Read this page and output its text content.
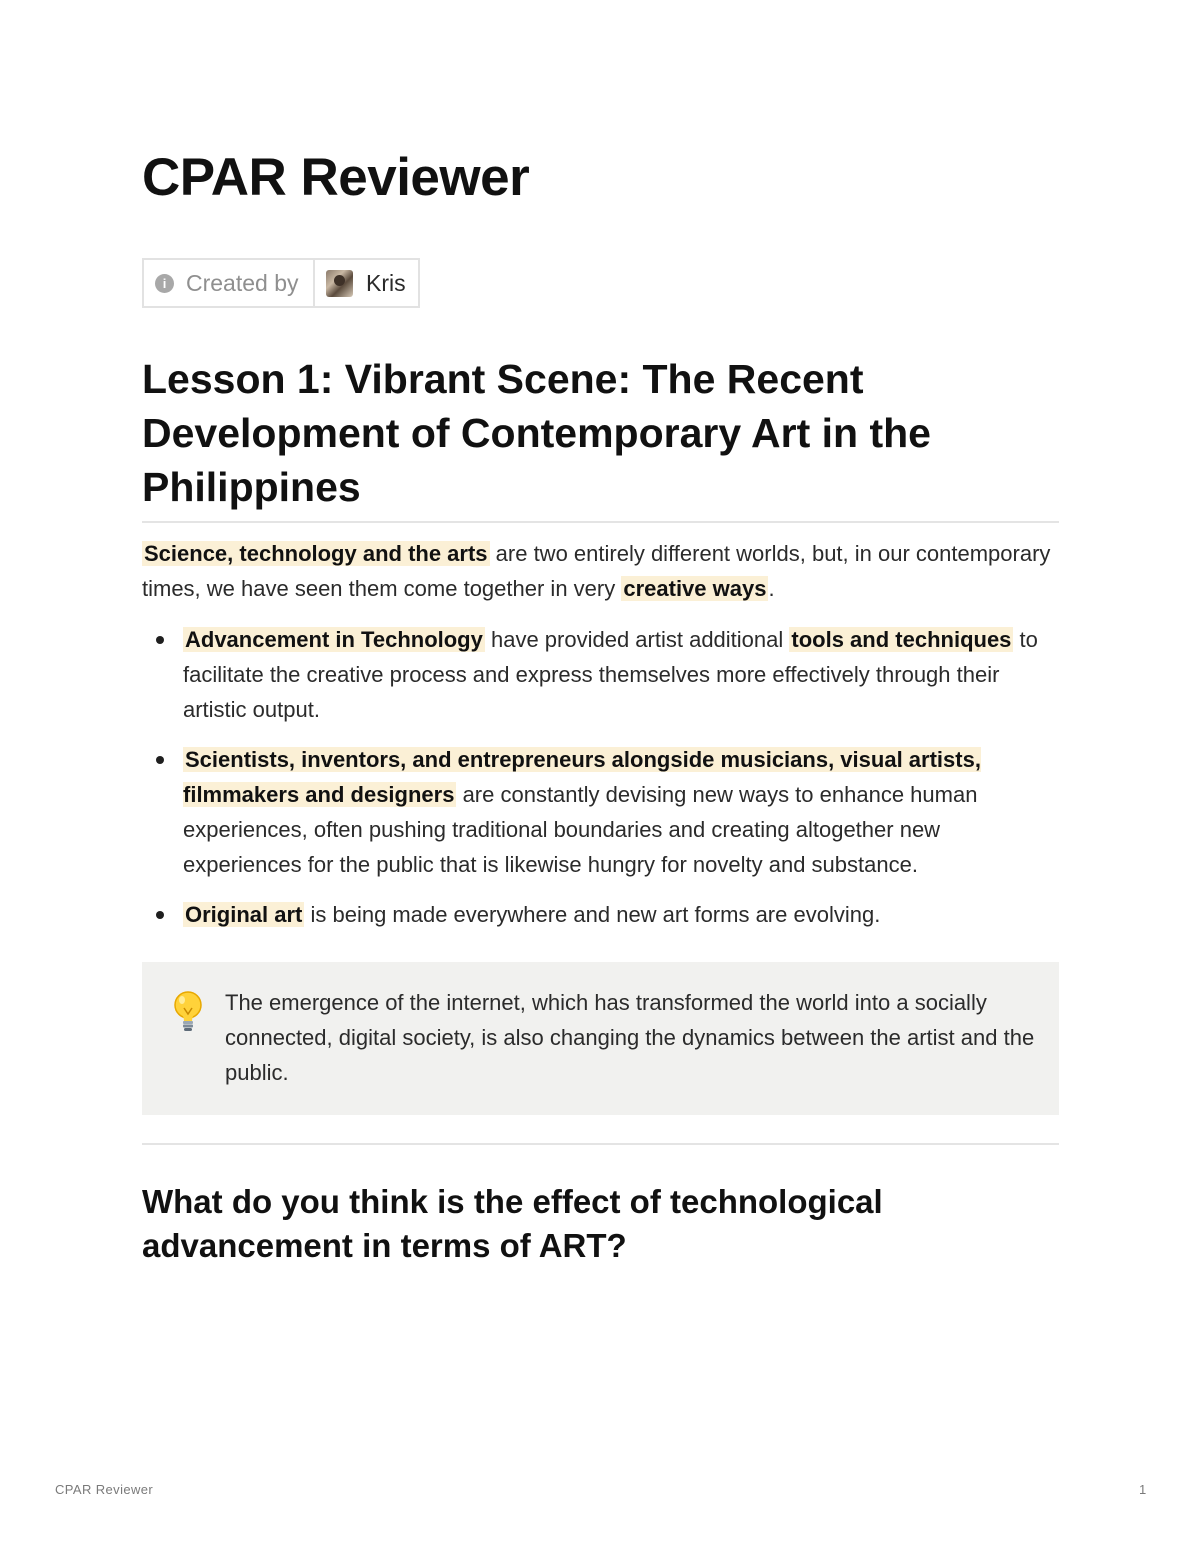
CPAR Reviewer
i Created by	Kris
Lesson 1: Vibrant Scene: The Recent Development of Contemporary Art in the Philippines

Science, technology and the arts are two entirely different worlds, but, in our contemporary times, we have seen them come together in very creative ways.

Advancement in Technology have provided artist additional tools and techniques to facilitate the creative process and express themselves more effectively through their artistic output.
Scientists, inventors, and entrepreneurs alongside musicians, visual artists, filmmakers and designers are constantly devising new ways to enhance human experiences, often pushing traditional boundaries and creating altogether new experiences for the public that is likewise hungry for novelty and substance.
Original art is being made everywhere and new art forms are evolving.

The emergence of the internet, which has transformed the world into a socially connected, digital society, is also changing the dynamics between the artist and the public.

What do you think is the effect of technological advancement in terms of ART?
CPAR Reviewer	1
